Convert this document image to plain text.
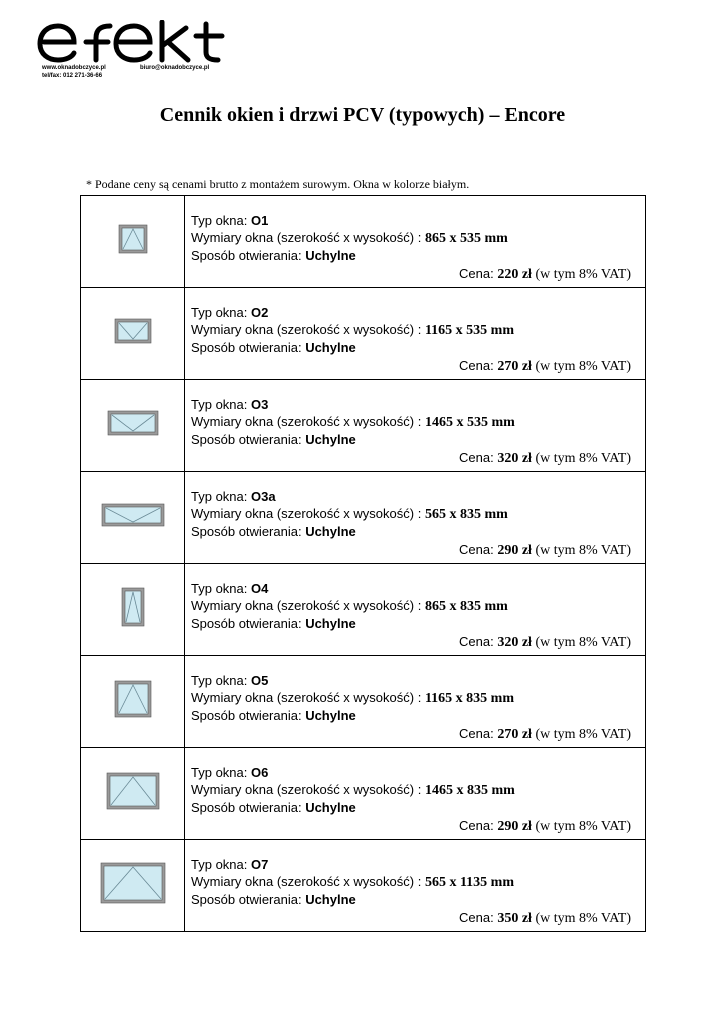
www.oknadobczyce.pl	biuro@oknadobczyce.pl
tel/fax: 012 271-36-66
Cennik okien i drzwi PCV (typowych) – Encore
* Podane ceny są cenami brutto z montażem surowym. Okna w kolorze białym.

Typ okna: O1
Wymiary okna (szerokość x wysokość) : 865 x 535 mm
Sposób otwierania: Uchylne
Cena: 220 zł (w tym 8% VAT)

Typ okna: O2
Wymiary okna (szerokość x wysokość) : 1165 x 535 mm
Sposób otwierania: Uchylne
Cena: 270 zł (w tym 8% VAT)

Typ okna: O3
Wymiary okna (szerokość x wysokość) : 1465 x 535 mm
Sposób otwierania: Uchylne
Cena: 320 zł (w tym 8% VAT)

Typ okna: O3a
Wymiary okna (szerokość x wysokość) : 565 x 835 mm
Sposób otwierania: Uchylne
Cena: 290 zł (w tym 8% VAT)

Typ okna: O4
Wymiary okna (szerokość x wysokość) : 865 x 835 mm
Sposób otwierania: Uchylne
Cena: 320 zł (w tym 8% VAT)

Typ okna: O5
Wymiary okna (szerokość x wysokość) : 1165 x 835 mm
Sposób otwierania: Uchylne
Cena: 270 zł (w tym 8% VAT)

Typ okna: O6
Wymiary okna (szerokość x wysokość) : 1465 x 835 mm
Sposób otwierania: Uchylne
Cena: 290 zł (w tym 8% VAT)

Typ okna: O7
Wymiary okna (szerokość x wysokość) : 565 x 1135 mm
Sposób otwierania: Uchylne
Cena: 350 zł (w tym 8% VAT)
